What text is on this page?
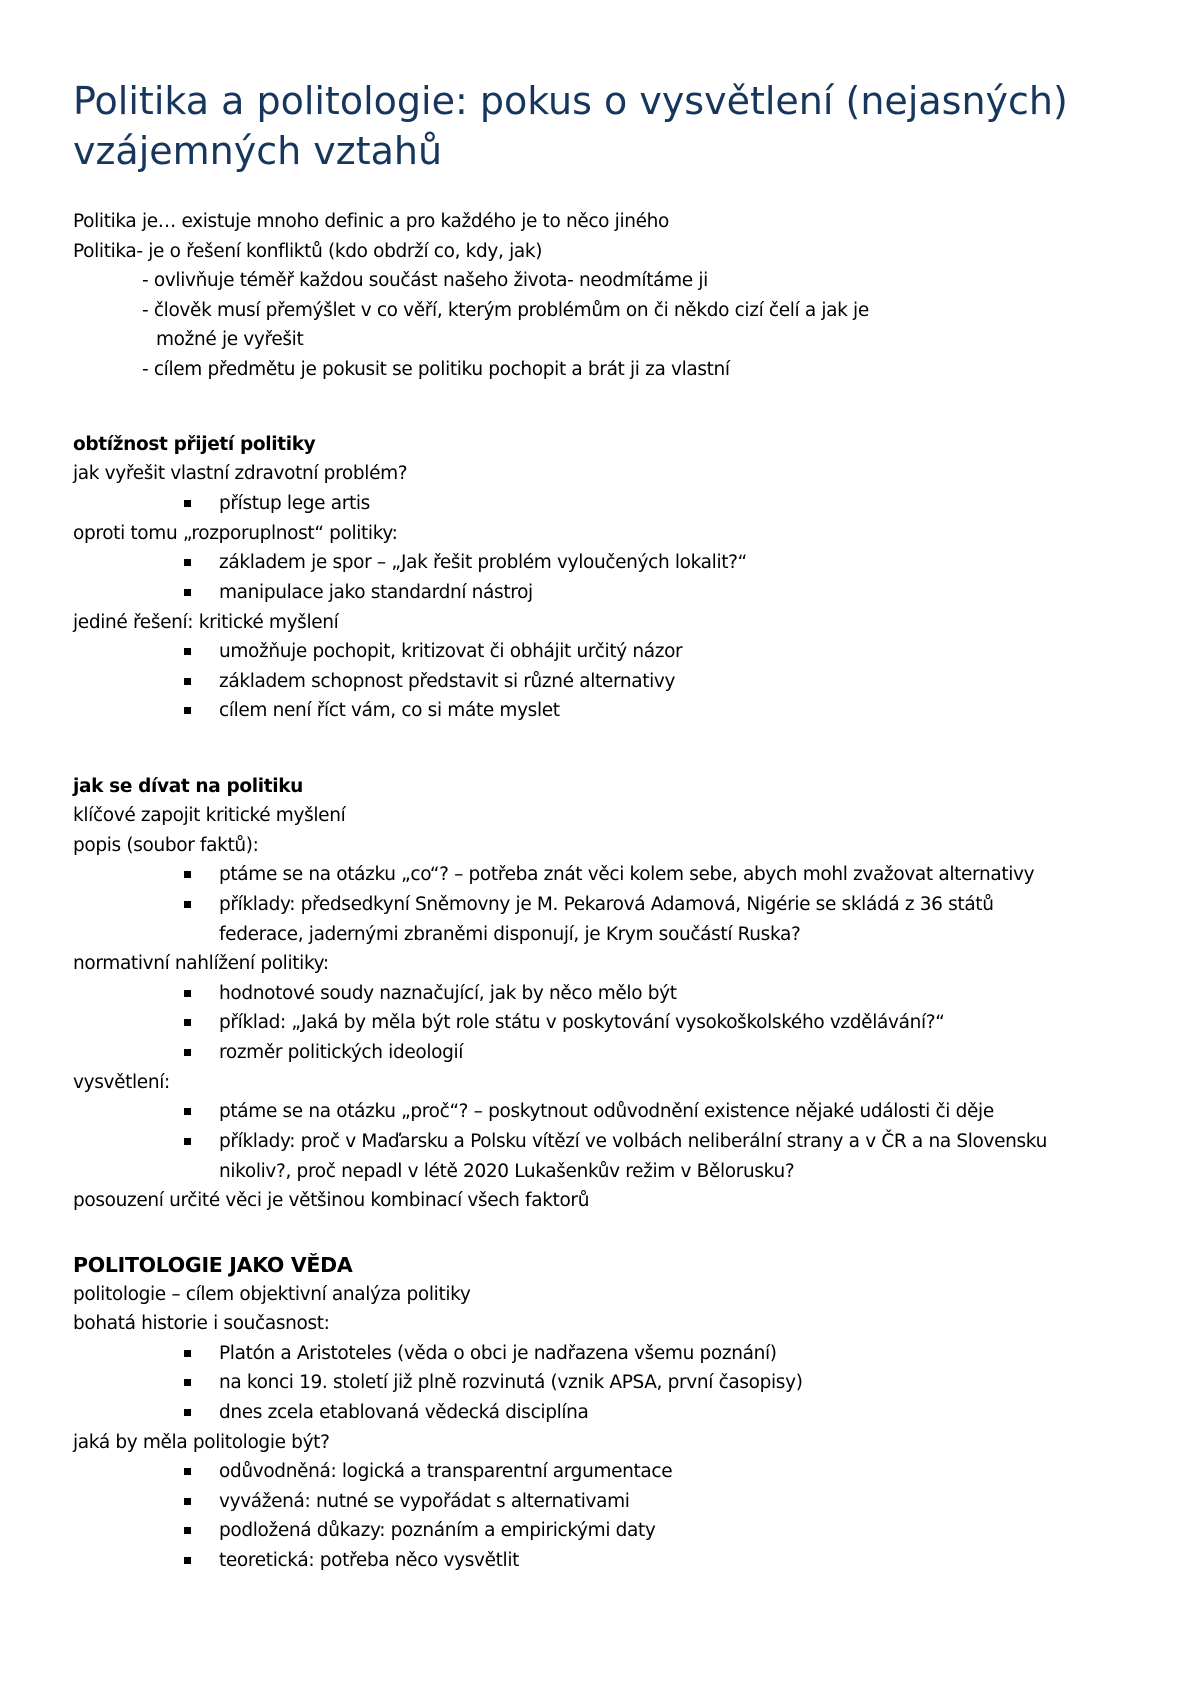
Politika a politologie: pokus o vysvětlení (nejasných) vzájemných vztahů
Politika je… existuje mnoho definic a pro každého je to něco jiného
Politika- je o řešení konfliktů (kdo obdrží co, kdy, jak)
- ovlivňuje téměř každou součást našeho života- neodmítáme ji
- člověk musí přemýšlet v co věří, kterým problémům on či někdo cizí čelí a jak je
možné je vyřešit
- cílem předmětu je pokusit se politiku pochopit a brát ji za vlastní
obtížnost přijetí politiky
jak vyřešit vlastní zdravotní problém?
přístup lege artis
oproti tomu „rozporuplnost“ politiky:
základem je spor – „Jak řešit problém vyloučených lokalit?“
manipulace jako standardní nástroj
jediné řešení: kritické myšlení
umožňuje pochopit, kritizovat či obhájit určitý názor
základem schopnost představit si různé alternativy
cílem není říct vám, co si máte myslet
jak se dívat na politiku
klíčové zapojit kritické myšlení
popis (soubor faktů):
ptáme se na otázku „co“? – potřeba znát věci kolem sebe, abych mohl zvažovat alternativy
příklady: předsedkyní Sněmovny je M. Pekarová Adamová, Nigérie se skládá z 36 států
federace, jadernými zbraněmi disponují, je Krym součástí Ruska?
normativní nahlížení politiky:
hodnotové soudy naznačující, jak by něco mělo být
příklad: „Jaká by měla být role státu v poskytování vysokoškolského vzdělávání?“
rozměr politických ideologií
vysvětlení:
ptáme se na otázku „proč“? – poskytnout odůvodnění existence nějaké události či děje
příklady: proč v Maďarsku a Polsku vítězí ve volbách neliberální strany a v ČR a na Slovensku
nikoliv?, proč nepadl v létě 2020 Lukašenkův režim v Bělorusku?
posouzení určité věci je většinou kombinací všech faktorů
POLITOLOGIE JAKO VĚDA
politologie – cílem objektivní analýza politiky
bohatá historie i současnost:
Platón a Aristoteles (věda o obci je nadřazena všemu poznání)
na konci 19. století již plně rozvinutá (vznik APSA, první časopisy)
dnes zcela etablovaná vědecká disciplína
jaká by měla politologie být?
odůvodněná: logická a transparentní argumentace
vyvážená: nutné se vypořádat s alternativami
podložená důkazy: poznáním a empirickými daty
teoretická: potřeba něco vysvětlit
